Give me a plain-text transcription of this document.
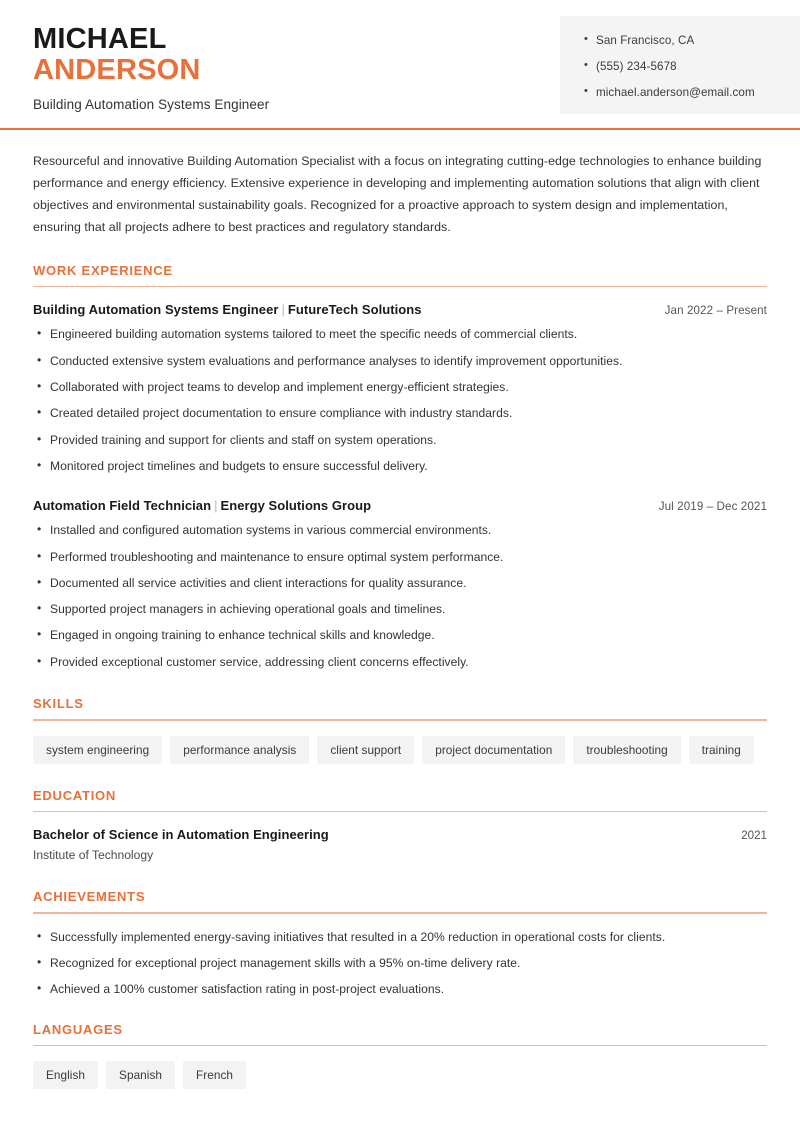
MICHAEL
ANDERSON
Building Automation Systems Engineer
• San Francisco, CA
• (555) 234-5678
• michael.anderson@email.com

Resourceful and innovative Building Automation Specialist with a focus on integrating cutting-edge technologies to enhance building performance and energy efficiency. Extensive experience in developing and implementing automation solutions that align with client objectives and environmental sustainability goals. Recognized for a proactive approach to system design and implementation, ensuring that all projects adhere to best practices and regulatory standards.

WORK EXPERIENCE
Building Automation Systems Engineer | FutureTech Solutions	Jan 2022 – Present
• Engineered building automation systems tailored to meet the specific needs of commercial clients.
• Conducted extensive system evaluations and performance analyses to identify improvement opportunities.
• Collaborated with project teams to develop and implement energy-efficient strategies.
• Created detailed project documentation to ensure compliance with industry standards.
• Provided training and support for clients and staff on system operations.
• Monitored project timelines and budgets to ensure successful delivery.
Automation Field Technician | Energy Solutions Group	Jul 2019 – Dec 2021
• Installed and configured automation systems in various commercial environments.
• Performed troubleshooting and maintenance to ensure optimal system performance.
• Documented all service activities and client interactions for quality assurance.
• Supported project managers in achieving operational goals and timelines.
• Engaged in ongoing training to enhance technical skills and knowledge.
• Provided exceptional customer service, addressing client concerns effectively.
SKILLS
system engineering	performance analysis	client support	project documentation	troubleshooting	training
EDUCATION
Bachelor of Science in Automation Engineering	2021
Institute of Technology
ACHIEVEMENTS
• Successfully implemented energy-saving initiatives that resulted in a 20% reduction in operational costs for clients.
• Recognized for exceptional project management skills with a 95% on-time delivery rate.
• Achieved a 100% customer satisfaction rating in post-project evaluations.
LANGUAGES
English	Spanish	French
